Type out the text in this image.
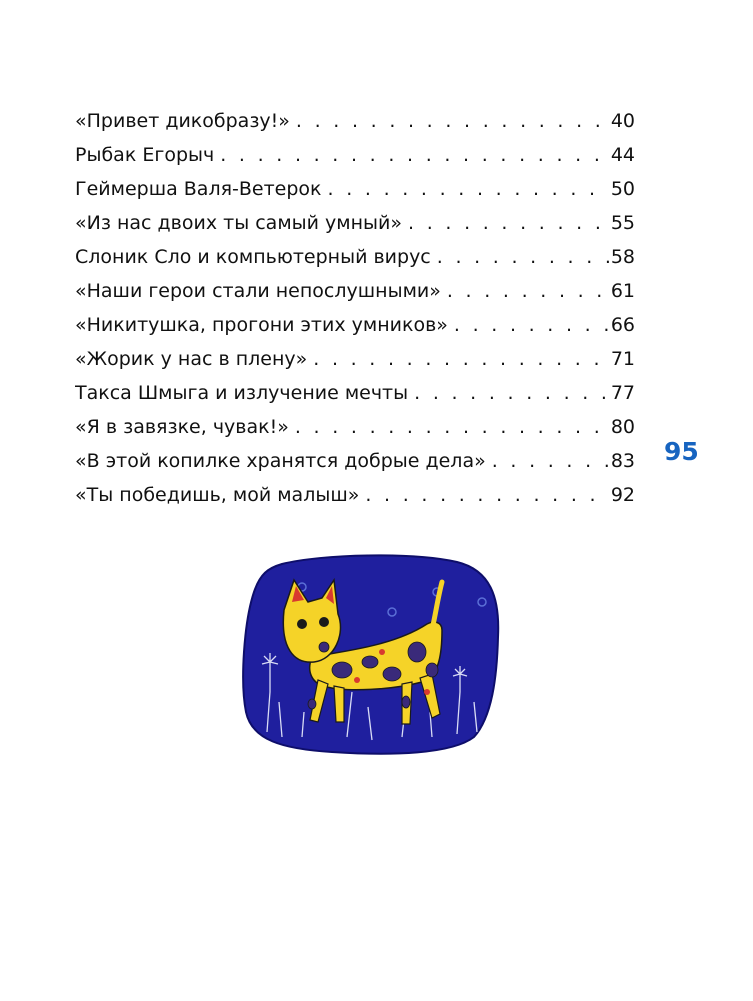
«Привет дикобразу!» . . .	40
Рыбак Егорыч . . .	44
Геймерша Валя-Ветерок . . .	50
«Из нас двоих ты самый умный» . . .	55
Слоник Сло и компьютерный вирус . . .	58
«Наши герои стали непослушными» . . .	61
«Никитушка, прогони этих умников» . . .	66
«Жорик у нас в плену» . . .	71
Такса Шмыга и излучение мечты . . .	77
«Я в завязке, чувак!» . . .	80
«В этой копилке хранятся добрые дела» . . .	83
«Ты победишь, мой малыш» . . .	92
95
